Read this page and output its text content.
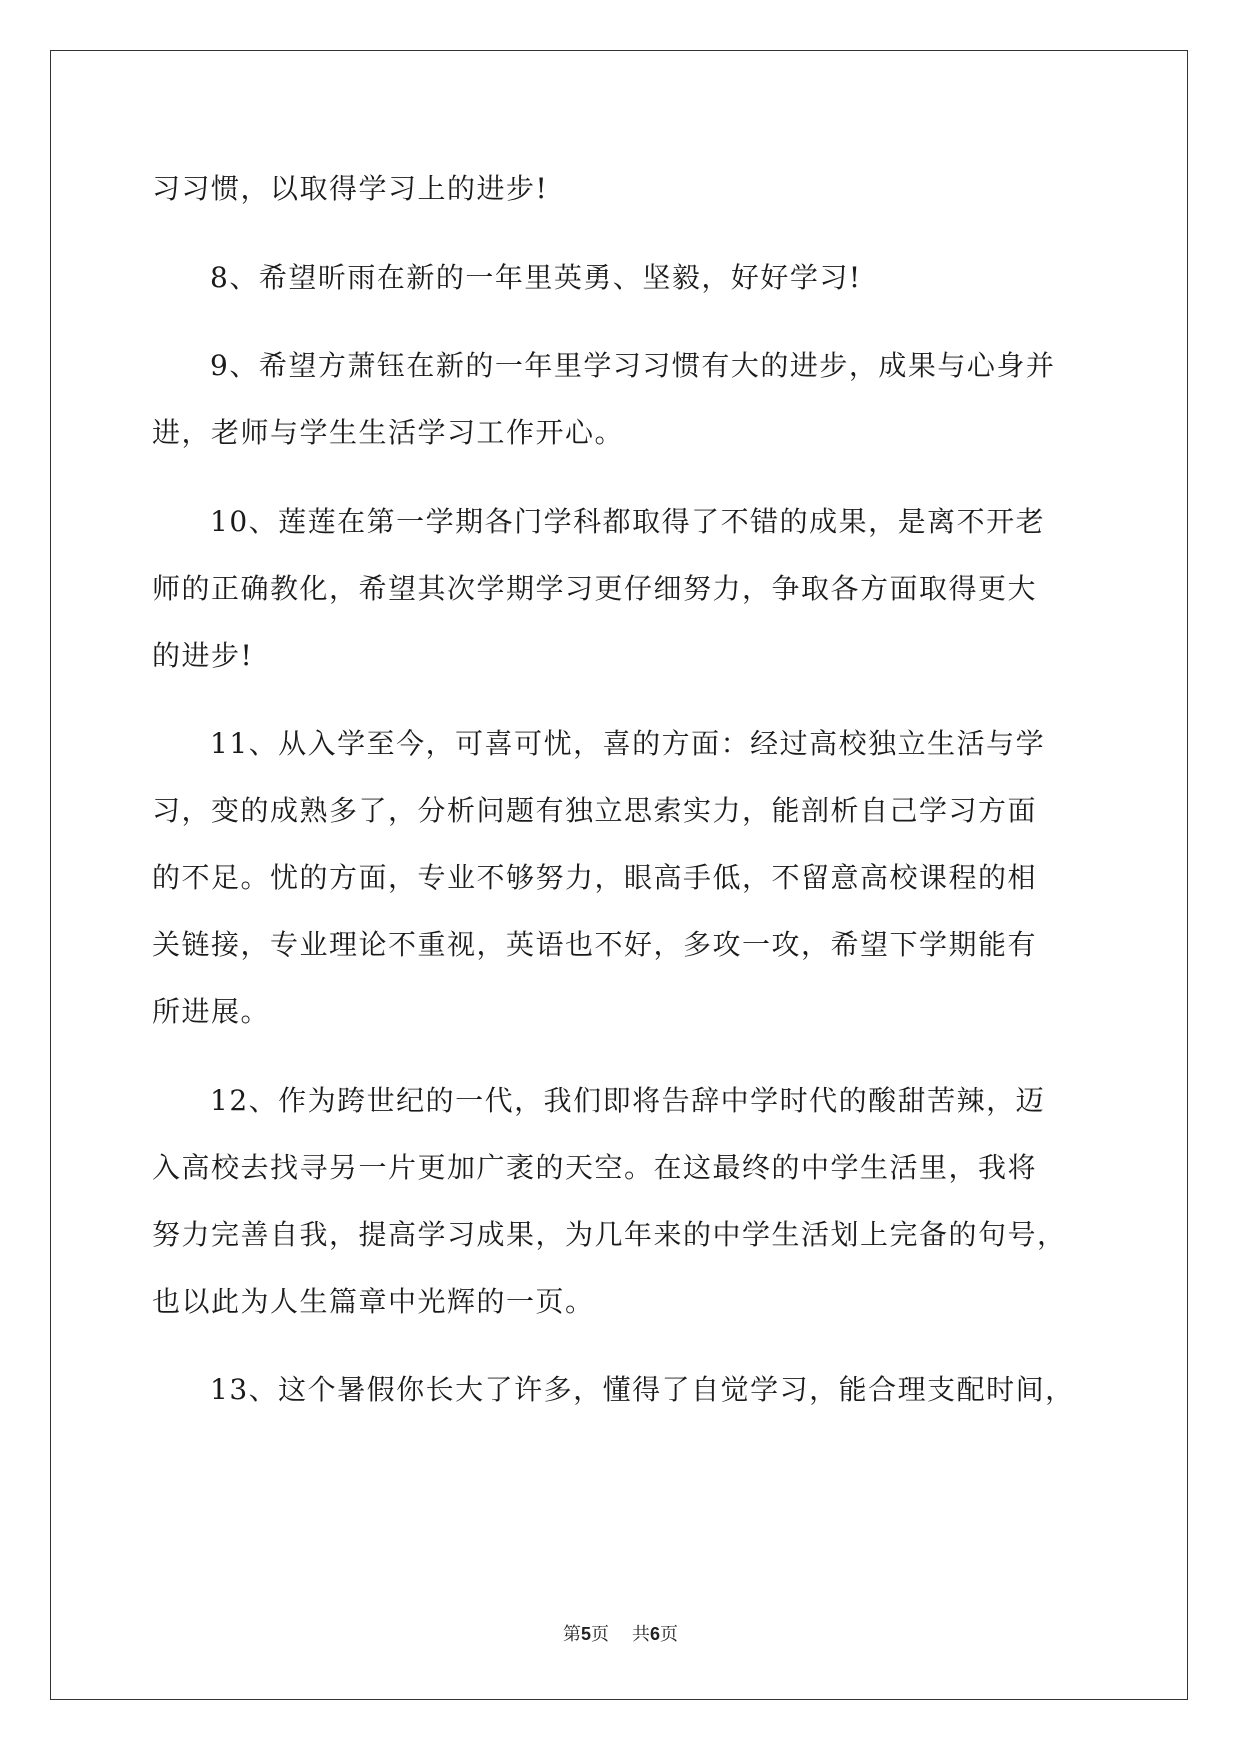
习习惯，以取得学习上的进步!
8、希望昕雨在新的一年里英勇、坚毅，好好学习!
9、希望方萧钰在新的一年里学习习惯有大的进步，成果与心身并
进，老师与学生生活学习工作开心。
10、莲莲在第一学期各门学科都取得了不错的成果，是离不开老
师的正确教化，希望其次学期学习更仔细努力，争取各方面取得更大
的进步!
11、从入学至今，可喜可忧，喜的方面：经过高校独立生活与学
习，变的成熟多了，分析问题有独立思索实力，能剖析自己学习方面
的不足。忧的方面，专业不够努力，眼高手低，不留意高校课程的相
关链接，专业理论不重视，英语也不好，多攻一攻，希望下学期能有
所进展。
12、作为跨世纪的一代，我们即将告辞中学时代的酸甜苦辣，迈
入高校去找寻另一片更加广袤的天空。在这最终的中学生活里，我将
努力完善自我，提高学习成果，为几年来的中学生活划上完备的句号，
也以此为人生篇章中光辉的一页。
13、这个暑假你长大了许多，懂得了自觉学习，能合理支配时间，
第5页 共6页
